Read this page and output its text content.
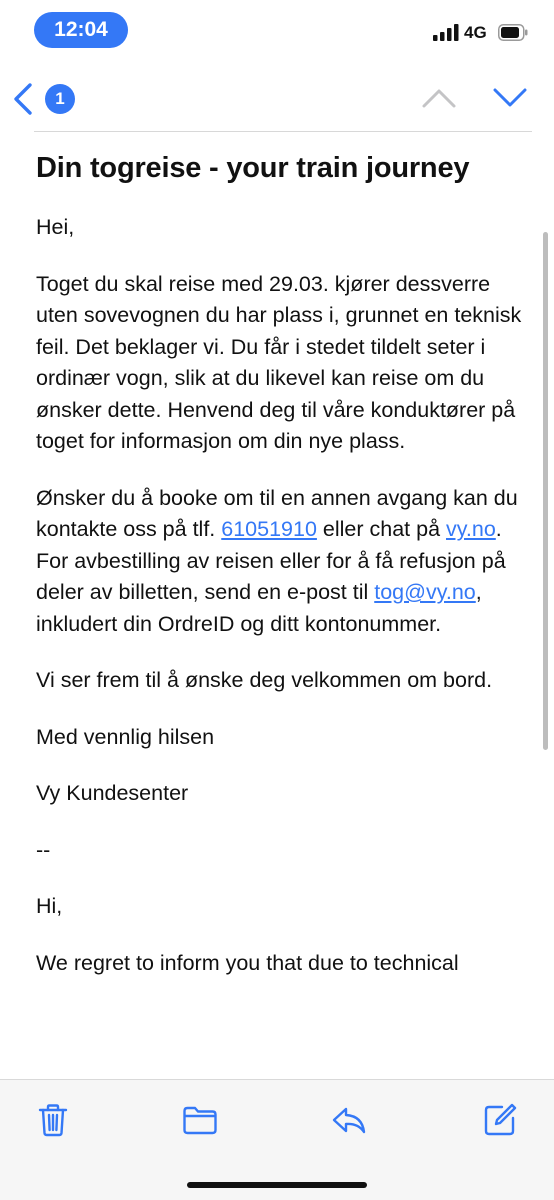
12:04	4G
1
Din togreise - your train journey

Hei,

Toget du skal reise med 29.03. kjører dessverre uten sovevognen du har plass i, grunnet en teknisk feil. Det beklager vi. Du får i stedet tildelt seter i ordinær vogn, slik at du likevel kan reise om du ønsker dette. Henvend deg til våre konduktører på toget for informasjon om din nye plass.

Ønsker du å booke om til en annen avgang kan du kontakte oss på tlf. 61051910 eller chat på vy.no. For avbestilling av reisen eller for å få refusjon på deler av billetten, send en e-post til tog@vy.no, inkludert din OrdreID og ditt kontonummer.

Vi ser frem til å ønske deg velkommen om bord.

Med vennlig hilsen

Vy Kundesenter

--

Hi,

We regret to inform you that due to technical
